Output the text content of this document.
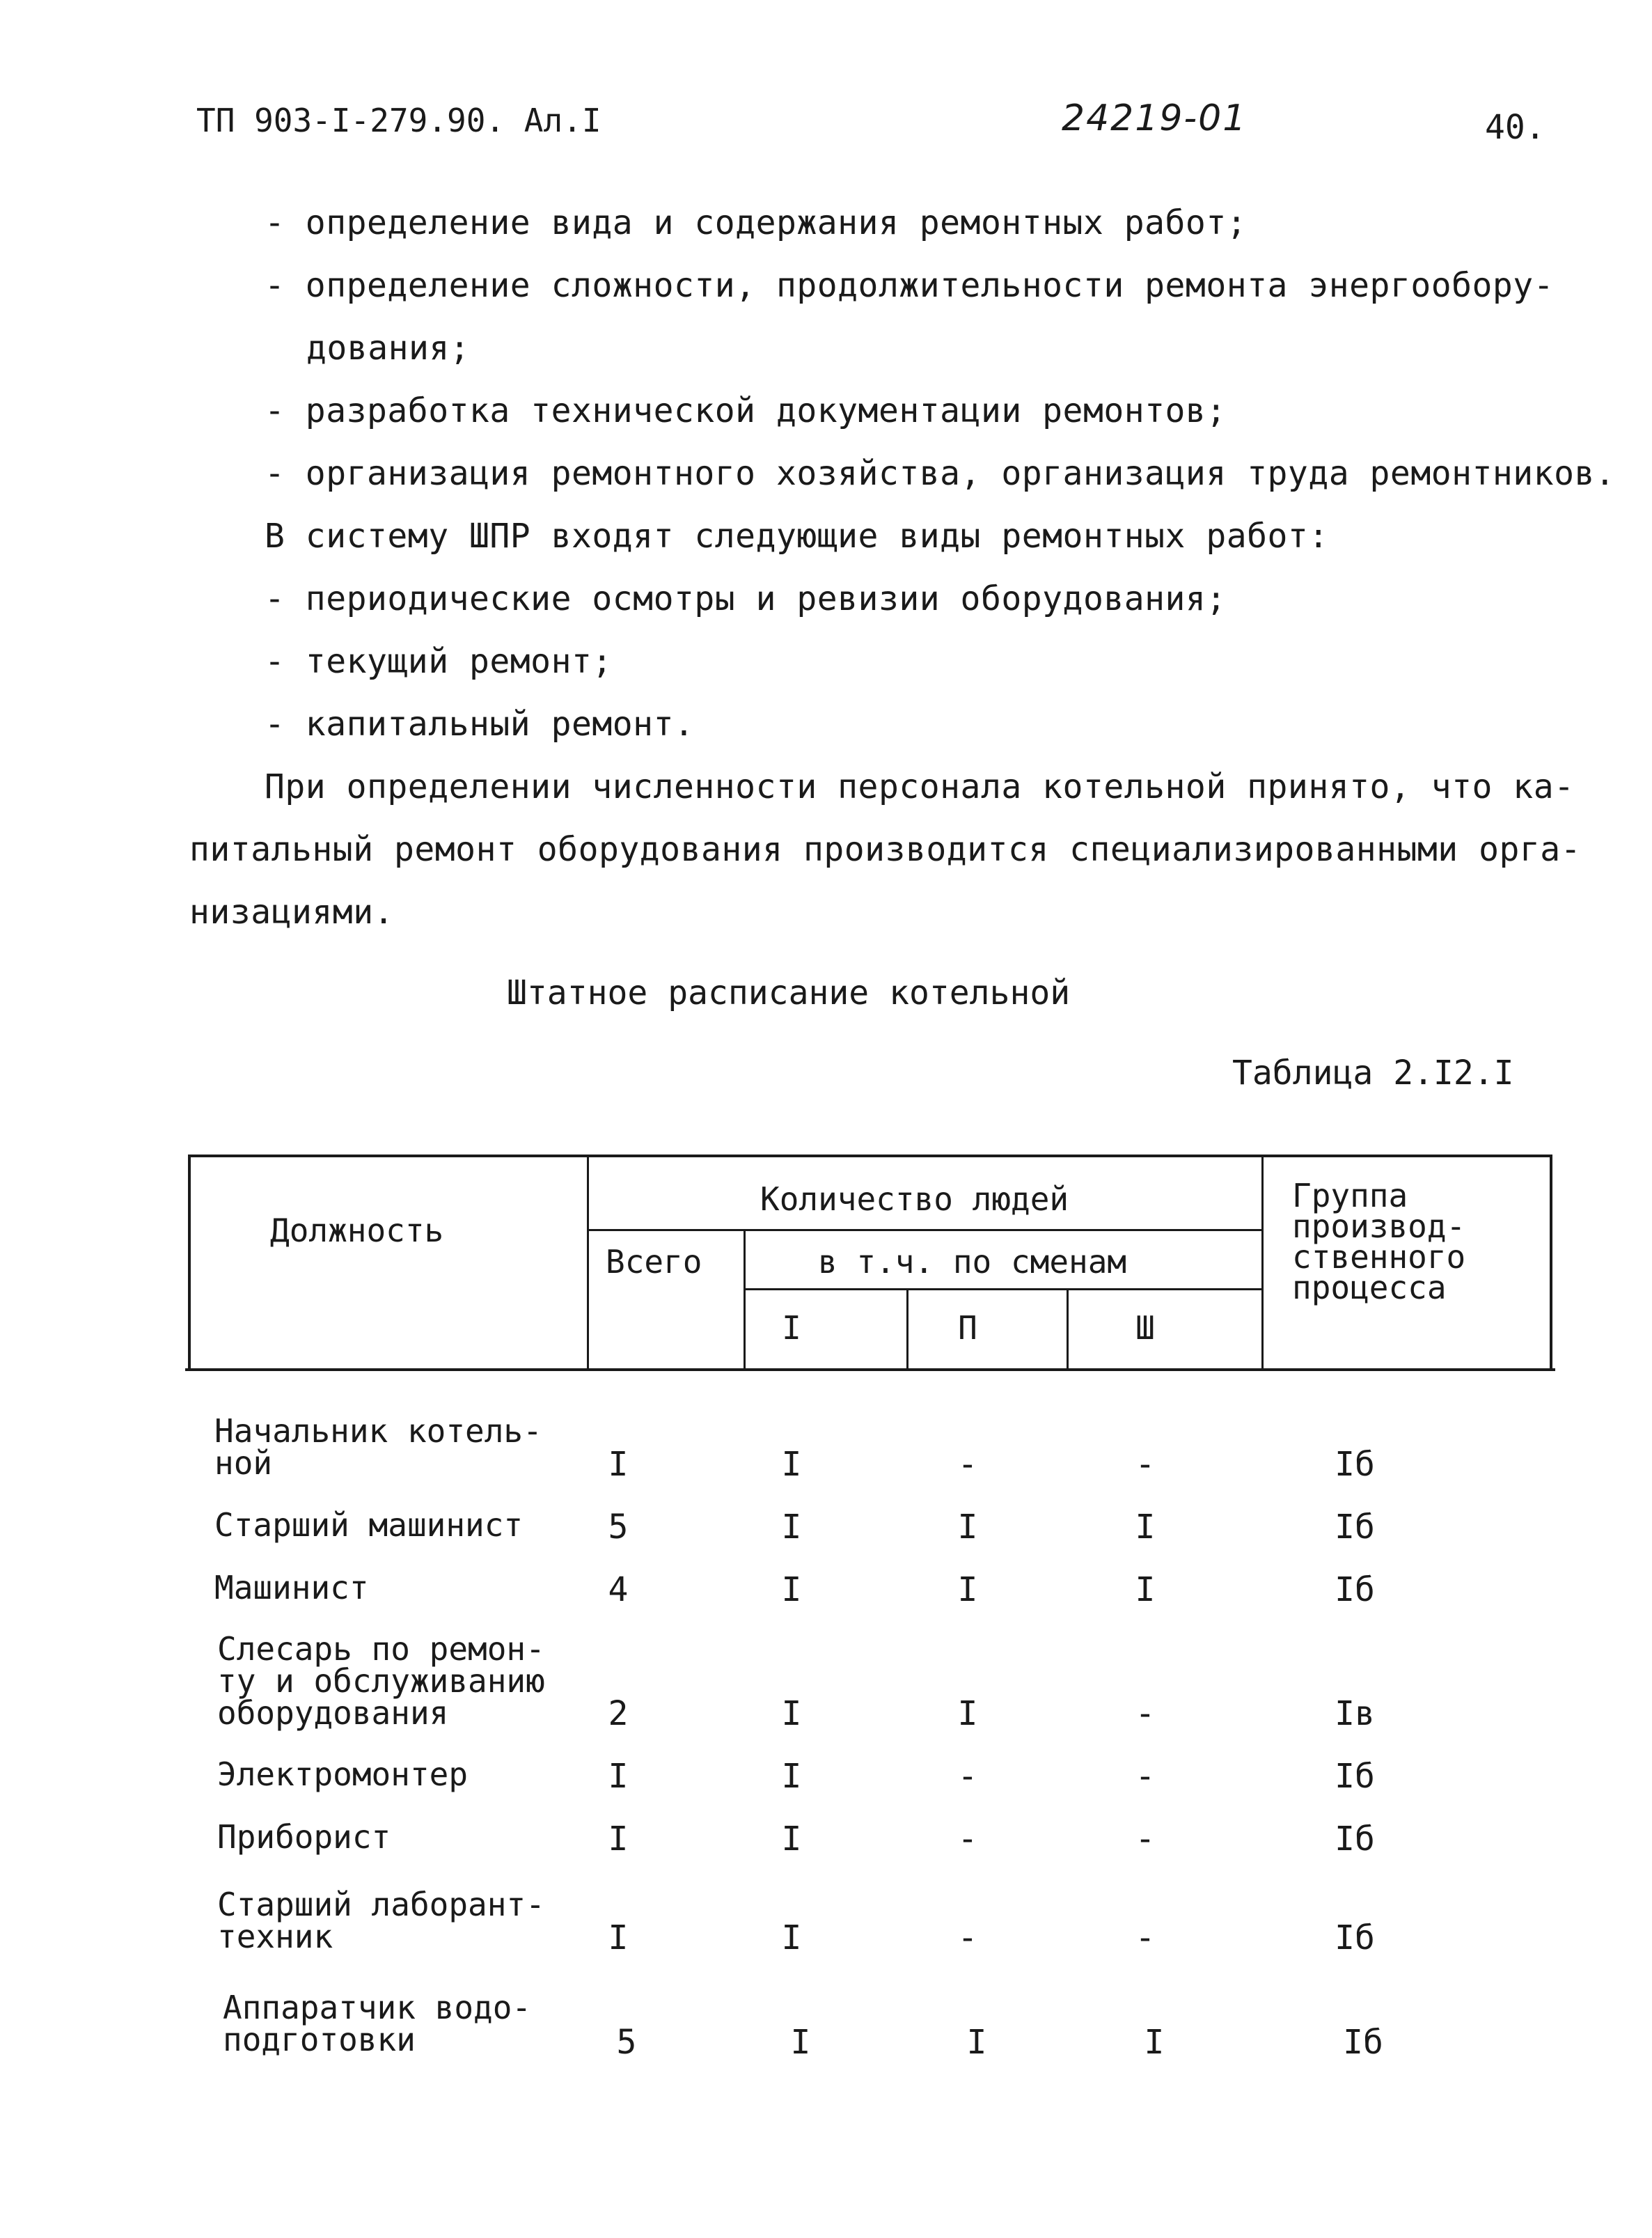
ТП 903-I-279.90. Ал.I	24219-01	40.
- определение вида и содержания ремонтных работ;
- определение сложности, продолжительности ремонта энергообору-
дования;
- разработка технической документации ремонтов;
- организация ремонтного хозяйства, организация труда ремонтников.
В систему ШПР входят следующие виды ремонтных работ:
- периодические осмотры и ревизии оборудования;
- текущий ремонт;
- капитальный ремонт.
При определении численности персонала котельной принято, что ка-
питальный ремонт оборудования производится специализированными орга-
низациями.
Штатное расписание котельной
Таблица 2.I2.I
Должность
Количество людей
Всего	в т.ч. по сменам
I	П	Ш
Группа
производ-
ственного
процесса
Начальник котель-
ной	I	I	-	-	Iб
Старший машинист	5	I	I	I	Iб
Машинист	4	I	I	I	Iб
Слесарь по ремон-
ту и обслуживанию
оборудования	2	I	I	-	Iв
Электромонтер	I	I	-	-	Iб
Приборист	I	I	-	-	Iб
Старший лаборант-
техник	I	I	-	-	Iб
Аппаратчик водо-
подготовки	5	I	I	I	Iб
